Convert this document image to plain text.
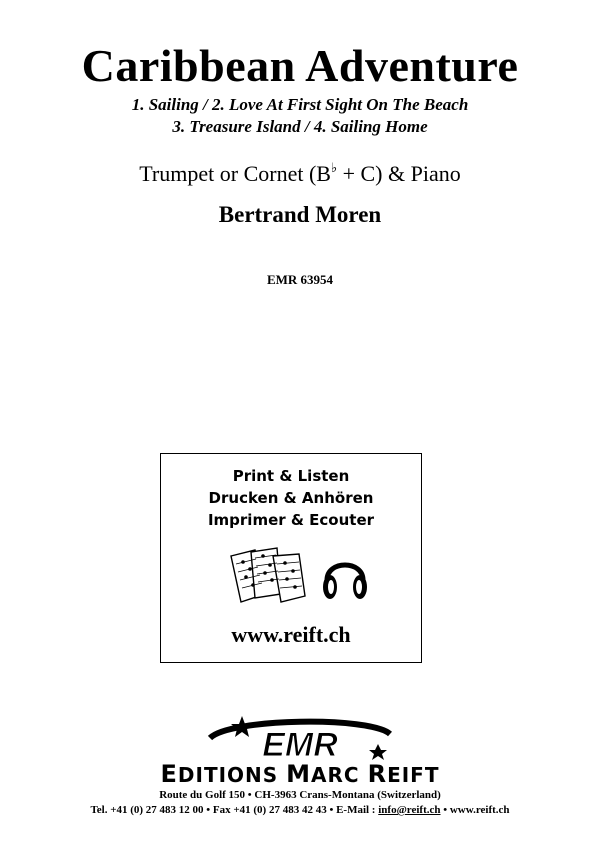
Caribbean Adventure
1. Sailing / 2. Love At First Sight On The Beach
3. Treasure Island / 4. Sailing Home
Trumpet or Cornet (B♭ + C) & Piano
Bertrand Moren
EMR 63954
Print & Listen
Drucken & Anhören
Imprimer & Ecouter
www.reift.ch
EMR
EDITIONS MARC REIFT
Route du Golf 150 • CH-3963 Crans-Montana (Switzerland)
Tel. +41 (0) 27 483 12 00 • Fax +41 (0) 27 483 42 43 • E-Mail : info@reift.ch • www.reift.ch
